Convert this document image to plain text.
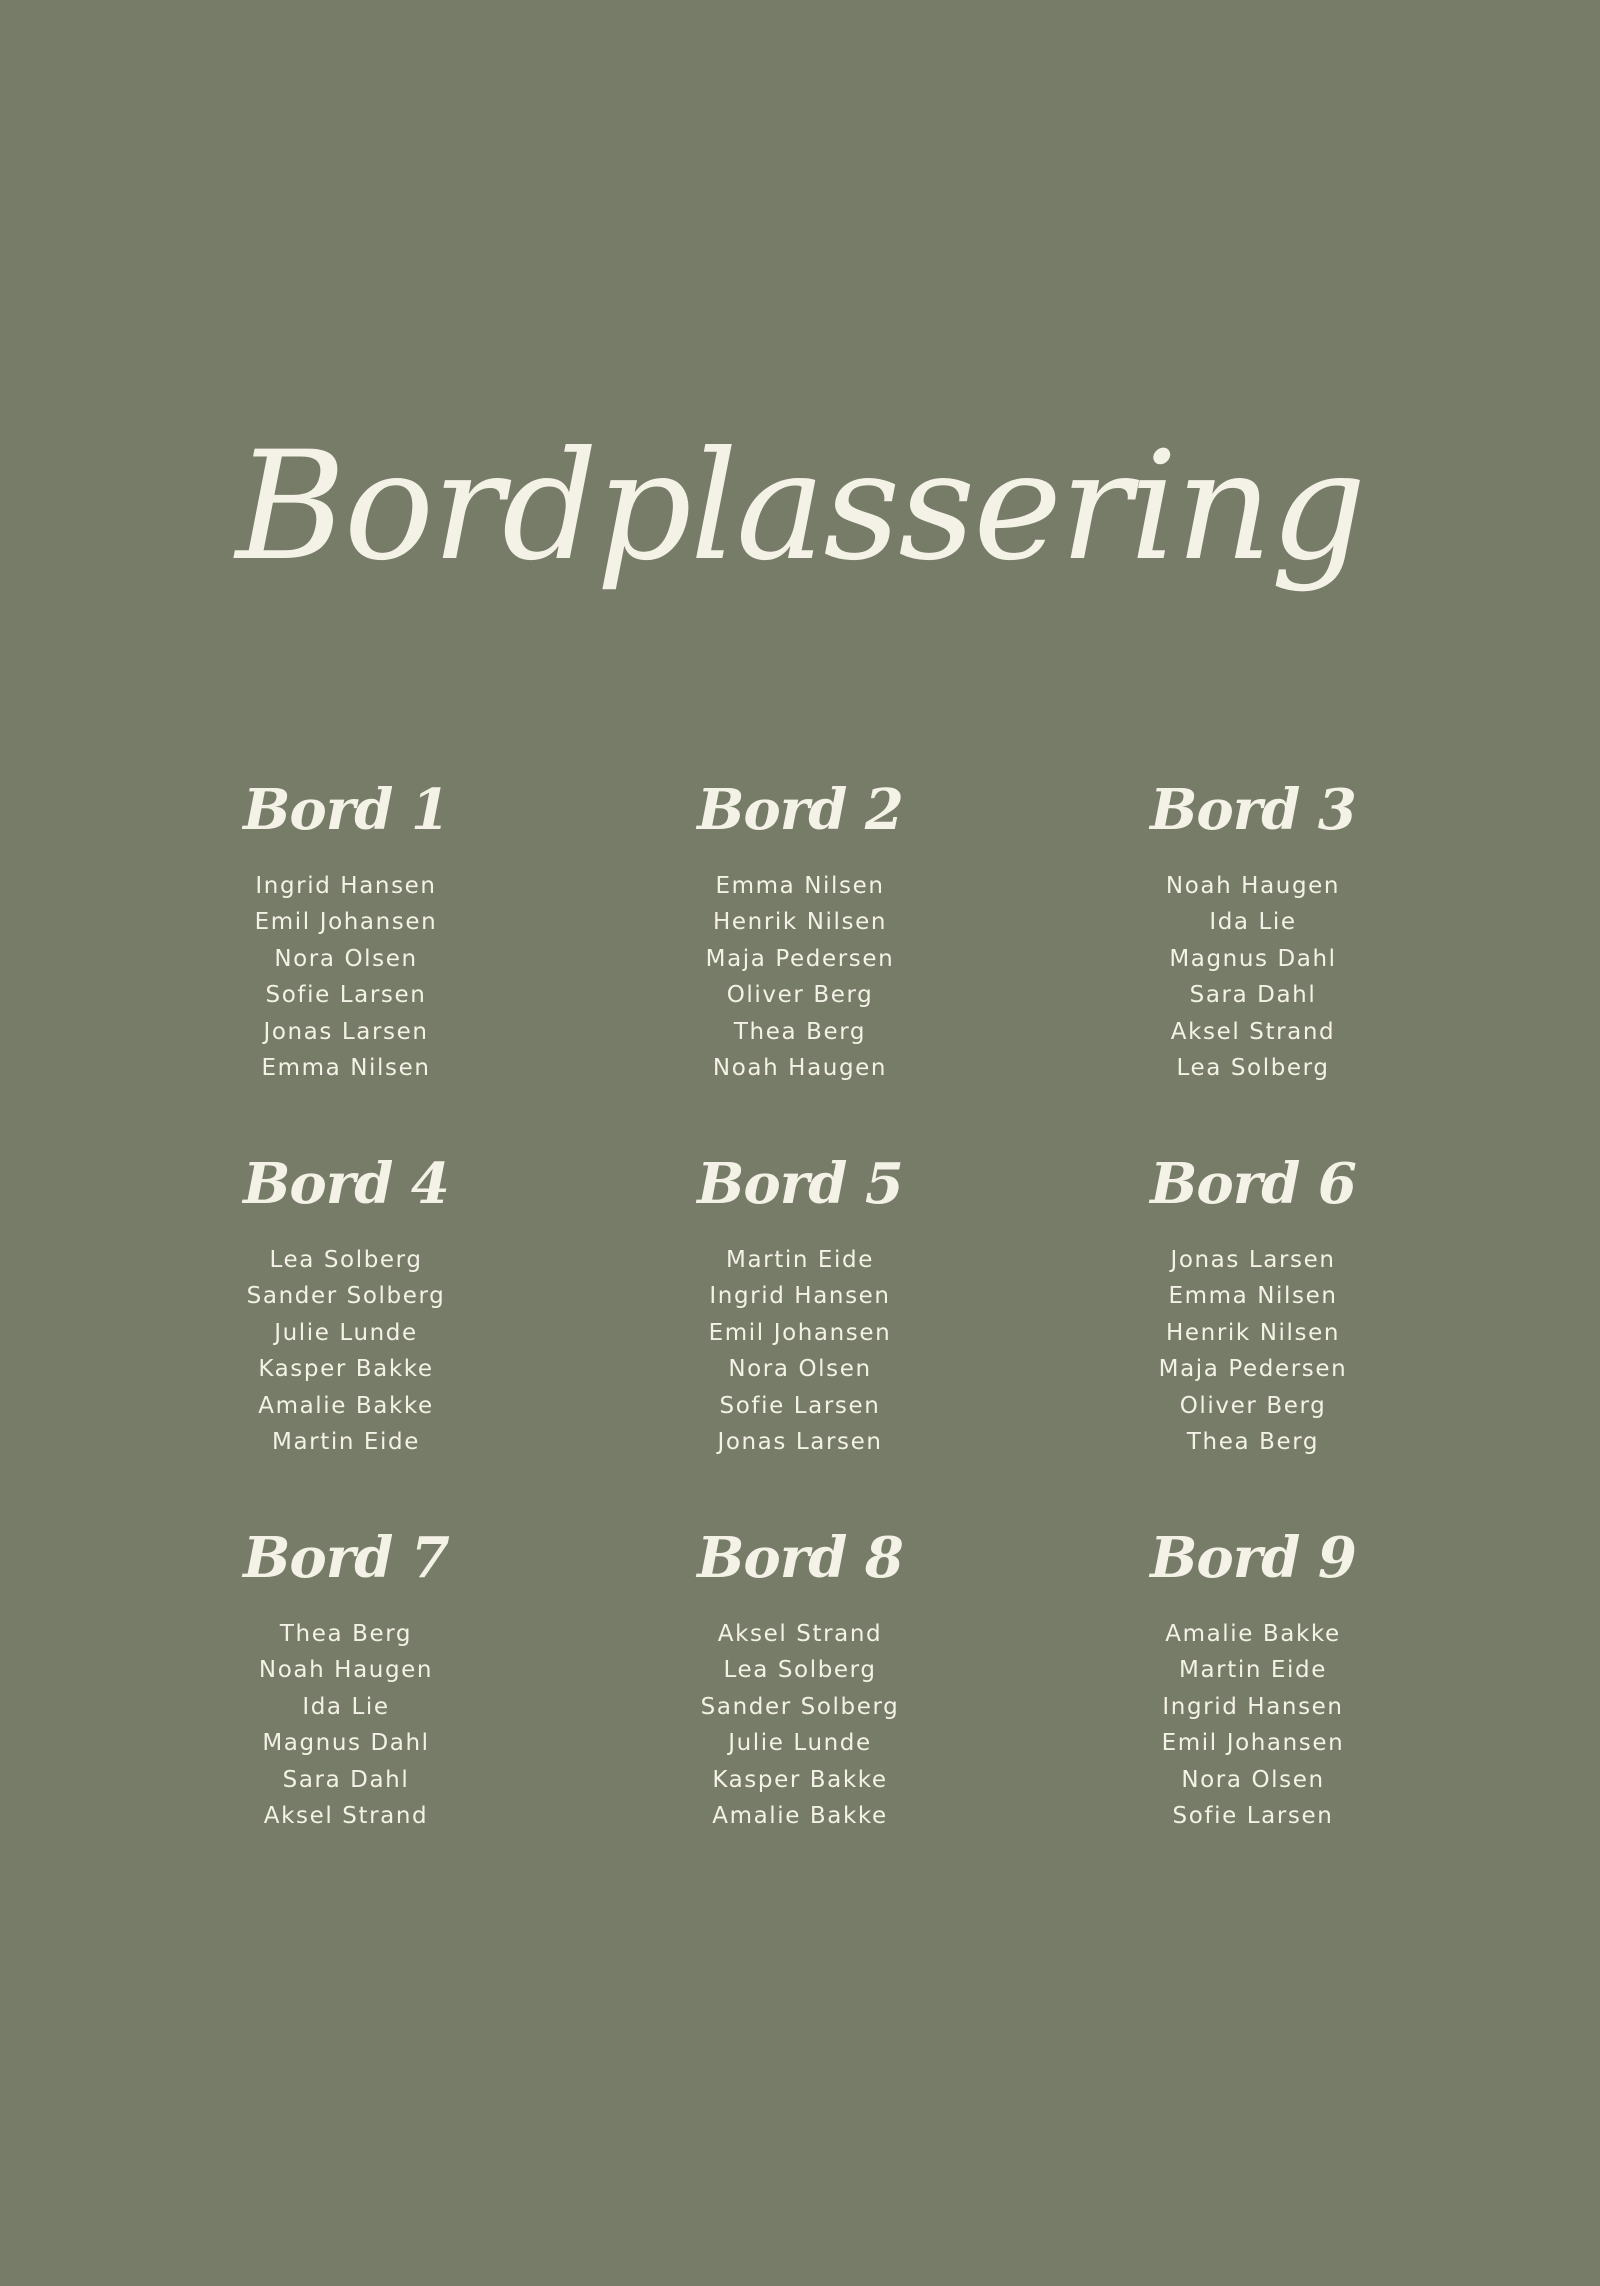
Bordplassering
Bord 1
Ingrid Hansen
Emil Johansen
Nora Olsen
Sofie Larsen
Jonas Larsen
Emma Nilsen
Bord 2
Emma Nilsen
Henrik Nilsen
Maja Pedersen
Oliver Berg
Thea Berg
Noah Haugen
Bord 3
Noah Haugen
Ida Lie
Magnus Dahl
Sara Dahl
Aksel Strand
Lea Solberg
Bord 4
Lea Solberg
Sander Solberg
Julie Lunde
Kasper Bakke
Amalie Bakke
Martin Eide
Bord 5
Martin Eide
Ingrid Hansen
Emil Johansen
Nora Olsen
Sofie Larsen
Jonas Larsen
Bord 6
Jonas Larsen
Emma Nilsen
Henrik Nilsen
Maja Pedersen
Oliver Berg
Thea Berg
Bord 7
Thea Berg
Noah Haugen
Ida Lie
Magnus Dahl
Sara Dahl
Aksel Strand
Bord 8
Aksel Strand
Lea Solberg
Sander Solberg
Julie Lunde
Kasper Bakke
Amalie Bakke
Bord 9
Amalie Bakke
Martin Eide
Ingrid Hansen
Emil Johansen
Nora Olsen
Sofie Larsen
